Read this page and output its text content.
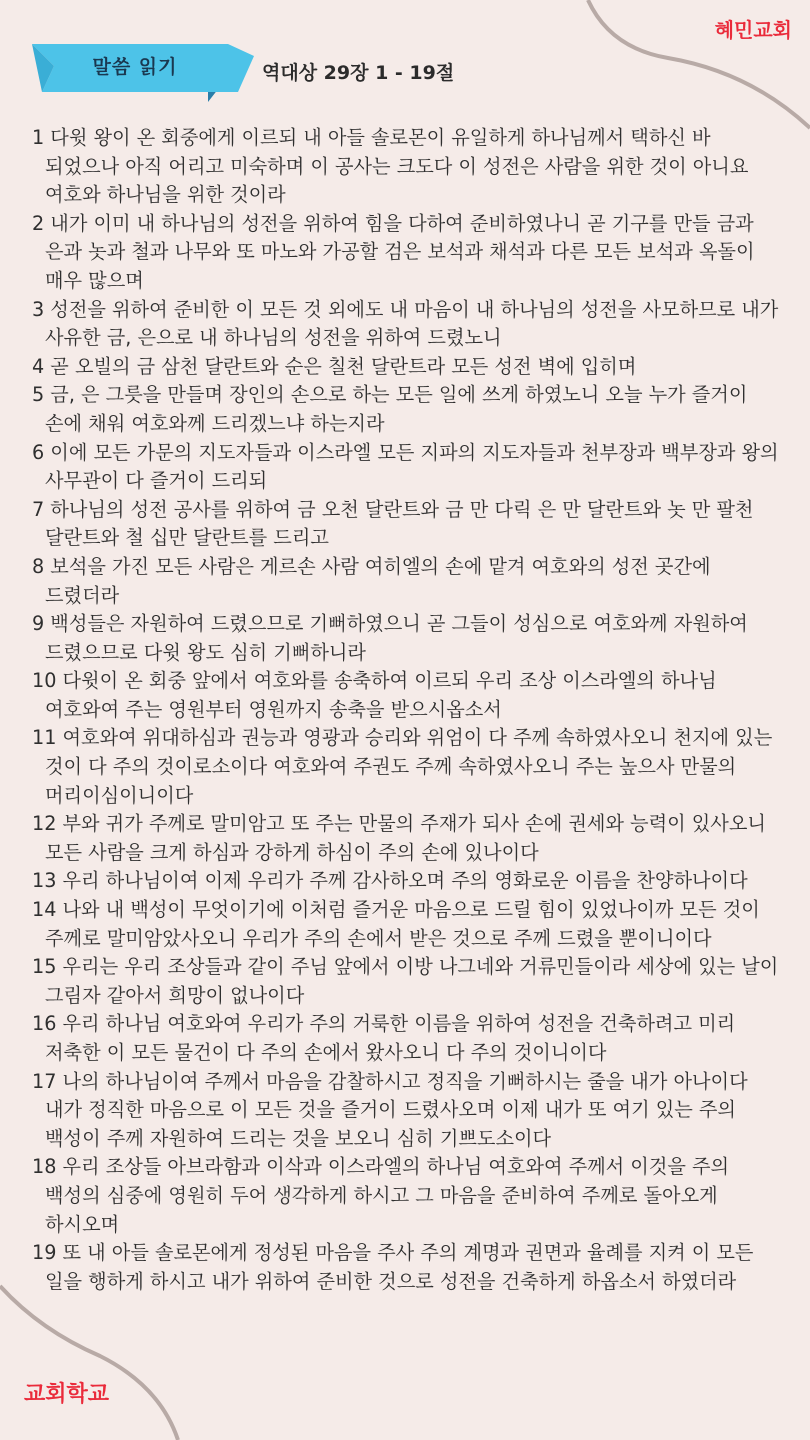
혜민교회
말씀 읽기	역대상 29장 1 - 19절
1 다윗 왕이 온 회중에게 이르되 내 아들 솔로몬이 유일하게 하나님께서 택하신 바 되었으나 아직 어리고 미숙하며 이 공사는 크도다 이 성전은 사람을 위한 것이 아니요 여호와 하나님을 위한 것이라
2 내가 이미 내 하나님의 성전을 위하여 힘을 다하여 준비하였나니 곧 기구를 만들 금과 은과 놋과 철과 나무와 또 마노와 가공할 검은 보석과 채석과 다른 모든 보석과 옥돌이 매우 많으며
3 성전을 위하여 준비한 이 모든 것 외에도 내 마음이 내 하나님의 성전을 사모하므로 내가 사유한 금, 은으로 내 하나님의 성전을 위하여 드렸노니
4 곧 오빌의 금 삼천 달란트와 순은 칠천 달란트라 모든 성전 벽에 입히며
5 금, 은 그릇을 만들며 장인의 손으로 하는 모든 일에 쓰게 하였노니 오늘 누가 즐거이 손에 채워 여호와께 드리겠느냐 하는지라
6 이에 모든 가문의 지도자들과 이스라엘 모든 지파의 지도자들과 천부장과 백부장과 왕의 사무관이 다 즐거이 드리되
7 하나님의 성전 공사를 위하여 금 오천 달란트와 금 만 다릭 은 만 달란트와 놋 만 팔천 달란트와 철 십만 달란트를 드리고
8 보석을 가진 모든 사람은 게르손 사람 여히엘의 손에 맡겨 여호와의 성전 곳간에 드렸더라
9 백성들은 자원하여 드렸으므로 기뻐하였으니 곧 그들이 성심으로 여호와께 자원하여 드렸으므로 다윗 왕도 심히 기뻐하니라
10 다윗이 온 회중 앞에서 여호와를 송축하여 이르되 우리 조상 이스라엘의 하나님 여호와여 주는 영원부터 영원까지 송축을 받으시옵소서
11 여호와여 위대하심과 권능과 영광과 승리와 위엄이 다 주께 속하였사오니 천지에 있는 것이 다 주의 것이로소이다 여호와여 주권도 주께 속하였사오니 주는 높으사 만물의 머리이심이니이다
12 부와 귀가 주께로 말미암고 또 주는 만물의 주재가 되사 손에 권세와 능력이 있사오니 모든 사람을 크게 하심과 강하게 하심이 주의 손에 있나이다
13 우리 하나님이여 이제 우리가 주께 감사하오며 주의 영화로운 이름을 찬양하나이다
14 나와 내 백성이 무엇이기에 이처럼 즐거운 마음으로 드릴 힘이 있었나이까 모든 것이 주께로 말미암았사오니 우리가 주의 손에서 받은 것으로 주께 드렸을 뿐이니이다
15 우리는 우리 조상들과 같이 주님 앞에서 이방 나그네와 거류민들이라 세상에 있는 날이 그림자 같아서 희망이 없나이다
16 우리 하나님 여호와여 우리가 주의 거룩한 이름을 위하여 성전을 건축하려고 미리 저축한 이 모든 물건이 다 주의 손에서 왔사오니 다 주의 것이니이다
17 나의 하나님이여 주께서 마음을 감찰하시고 정직을 기뻐하시는 줄을 내가 아나이다 내가 정직한 마음으로 이 모든 것을 즐거이 드렸사오며 이제 내가 또 여기 있는 주의 백성이 주께 자원하여 드리는 것을 보오니 심히 기쁘도소이다
18 우리 조상들 아브라함과 이삭과 이스라엘의 하나님 여호와여 주께서 이것을 주의 백성의 심중에 영원히 두어 생각하게 하시고 그 마음을 준비하여 주께로 돌아오게 하시오며
19 또 내 아들 솔로몬에게 정성된 마음을 주사 주의 계명과 권면과 율례를 지켜 이 모든 일을 행하게 하시고 내가 위하여 준비한 것으로 성전을 건축하게 하옵소서 하였더라
교회학교
